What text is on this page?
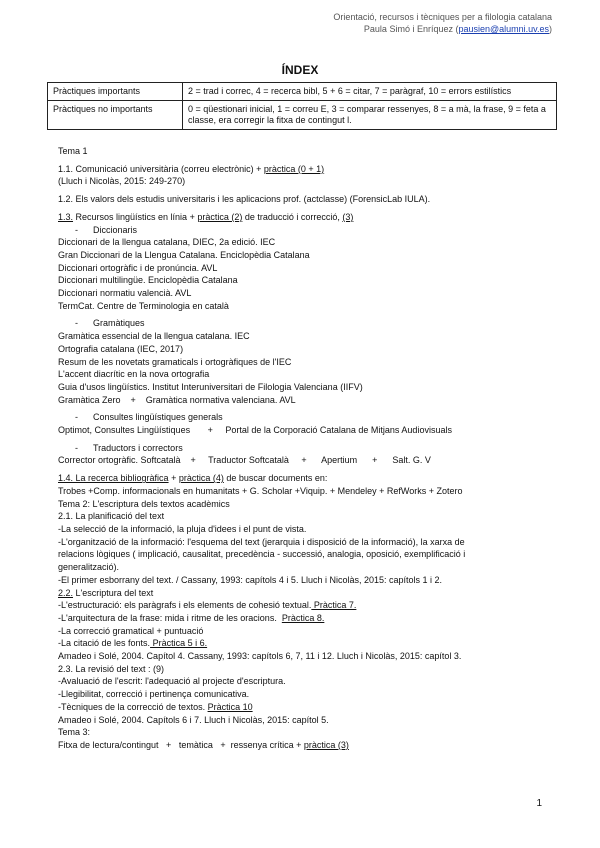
Orientació, recursos i tècniques per a filologia catalana
Paula Simó i Enríquez (pausien@alumni.uv.es)
ÍNDEX
Pràctiques importants	2 = trad i correc, 4 = recerca bibl, 5 + 6 = citar, 7 = paràgraf, 10 = errors estilístics
Pràctiques no importants	0 = qüestionari inicial, 1 = correu E, 3 = comparar ressenyes, 8 = a mà, la frase, 9 = feta a classe, era corregir la fitxa de contingut l.
Tema 1
1.1. Comunicació universitària (correu electrònic) + pràctica (0 + 1)
(Lluch i Nicolàs, 2015: 249-270)
1.2. Els valors dels estudis universitaris i les aplicacions prof. (actclasse) (ForensicLab IULA).
1.3. Recursos lingüístics en línia + pràctica (2) de traducció i correcció, (3)
-      Diccionaris
Diccionari de la llengua catalana, DIEC, 2a edició. IEC
Gran Diccionari de la Llengua Catalana. Enciclopèdia Catalana
Diccionari ortogràfic i de pronúncia. AVL
Diccionari multilingüe. Enciclopèdia Catalana
Diccionari normatiu valencià. AVL
TermCat. Centre de Terminologia en català
-      Gramàtiques
Gramàtica essencial de la llengua catalana. IEC
Ortografia catalana (IEC, 2017)
Resum de les novetats gramaticals i ortogràfiques de l'IEC
L'accent diacrític en la nova ortografia
Guia d'usos lingüístics. Institut Interuniversitari de Filologia Valenciana (IIFV)
Gramàtica Zero    +    Gramàtica normativa valenciana. AVL
-      Consultes lingüístiques generals
Optimot, Consultes Lingüístiques       +     Portal de la Corporació Catalana de Mitjans Audiovisuals
-      Traductors i correctors
Corrector ortogràfic. Softcatalà    +     Traductor Softcatalà     +      Apertium      +      Salt. G. V
1.4. La recerca bibliogràfica + pràctica (4) de buscar documents en:
Trobes +Comp. informacionals en humanitats + G. Scholar +Viquip. + Mendeley + RefWorks + Zotero
Tema 2: L'escriptura dels textos acadèmics
2.1. La planificació del text
-La selecció de la informació, la pluja d'idees i el punt de vista.
-L'organització de la informació: l'esquema del text (jerarquia i disposició de la informació), la xarxa de
relacions lògiques ( implicació, causalitat, precedència - successió, analogia, oposició, exemplificació i
generalització).
-El primer esborrany del text. / Cassany, 1993: capítols 4 i 5. Lluch i Nicolàs, 2015: capítols 1 i 2.
2.2. L'escriptura del text
-L'estructuració: els paràgrafs i els elements de cohesió textual. Pràctica 7.
-L'arquitectura de la frase: mida i ritme de les oracions.  Pràctica 8.
-La correcció gramatical + puntuació
-La citació de les fonts. Pràctica 5 i 6.
Amadeo i Solé, 2004. Capítol 4. Cassany, 1993: capítols 6, 7, 11 i 12. Lluch i Nicolàs, 2015: capítol 3.
2.3. La revisió del text : (9)
-Avaluació de l'escrit: l'adequació al projecte d'escriptura.
-Llegibilitat, correcció i pertinença comunicativa.
-Tècniques de la correcció de textos. Pràctica 10
Amadeo i Solé, 2004. Capítols 6 i 7. Lluch i Nicolàs, 2015: capítol 5.
Tema 3:
Fitxa de lectura/contingut   +   temàtica   +  ressenya crítica + pràctica (3)
1
